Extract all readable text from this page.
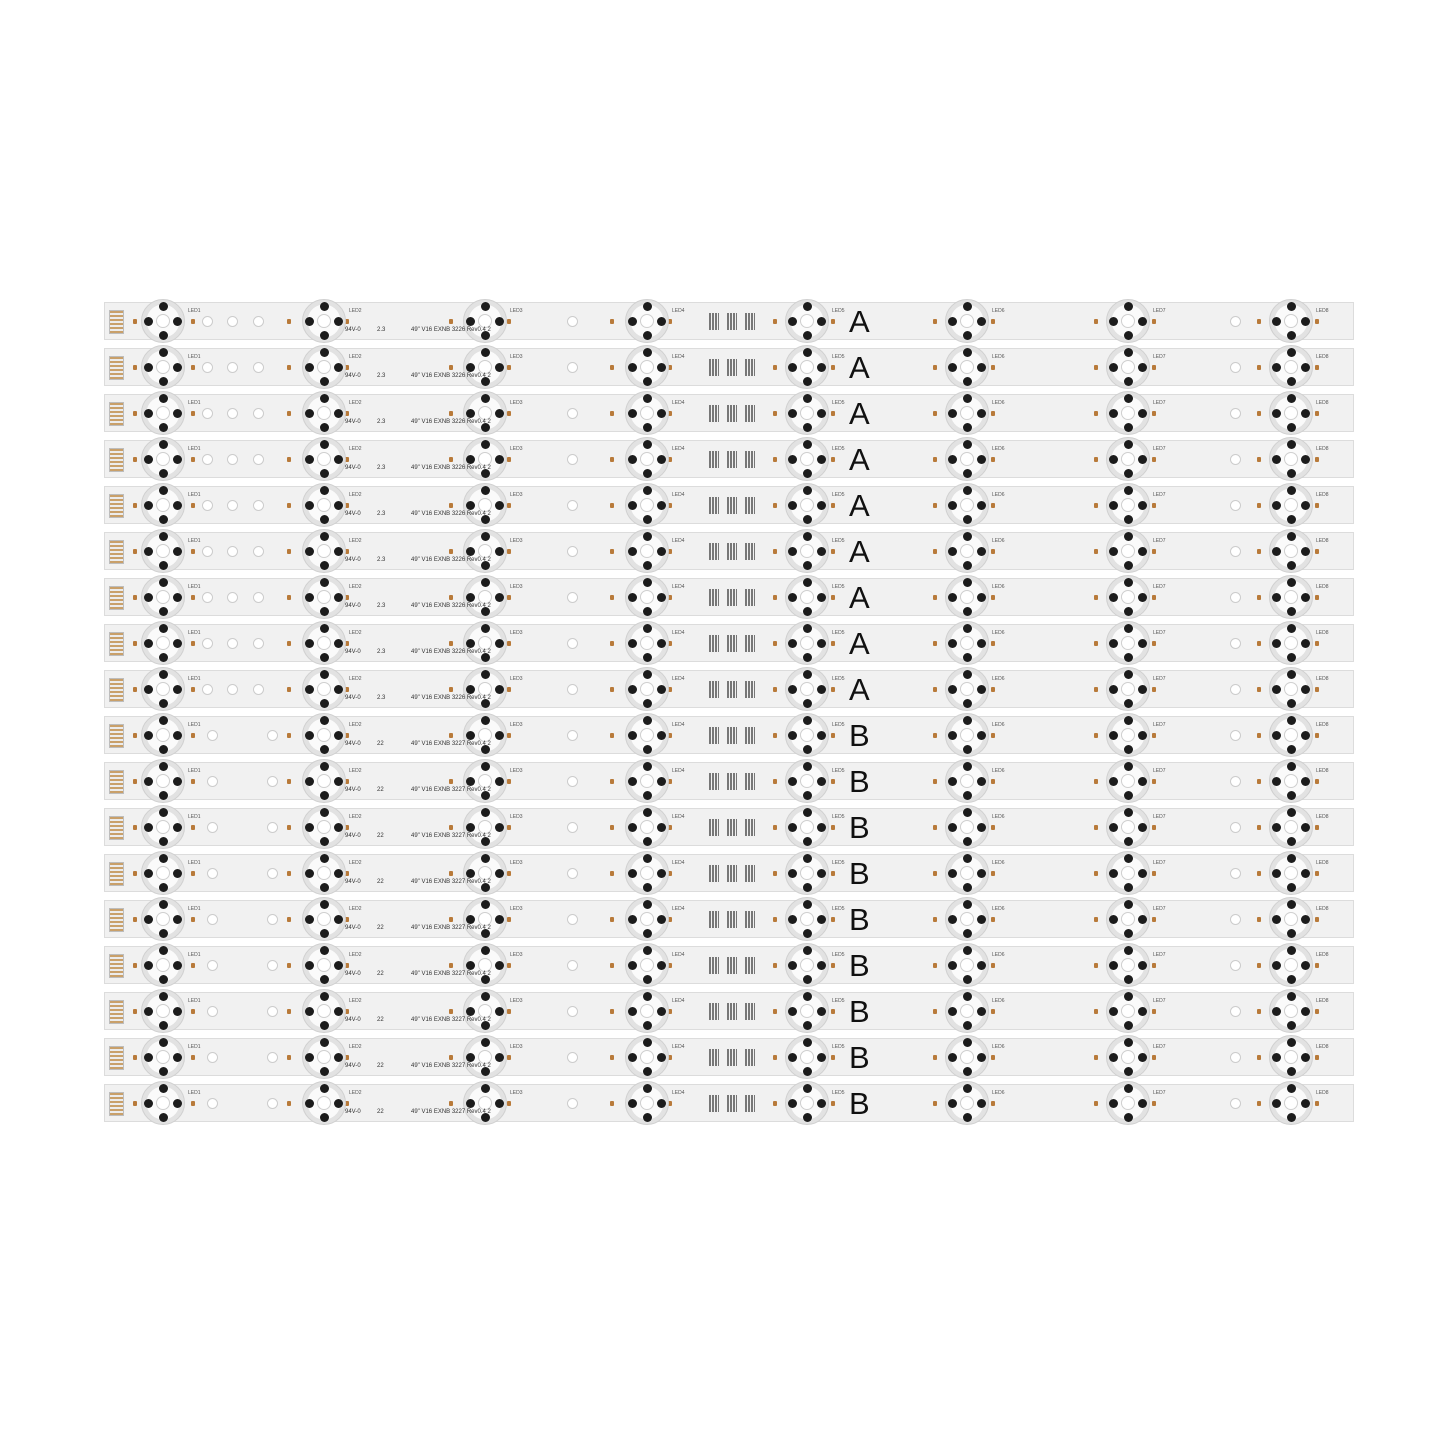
LED1	LED2	LED3	LED4	LED5	LED6	LED7	LED8
94V-0	2.3	49" V16 EXNB 3226 Rev0.4 2	A
LED1	LED2	LED3	LED4	LED5	LED6	LED7	LED8
94V-0	2.3	49" V16 EXNB 3226 Rev0.4 2	A
LED1	LED2	LED3	LED4	LED5	LED6	LED7	LED8
94V-0	2.3	49" V16 EXNB 3226 Rev0.4 2	A
LED1	LED2	LED3	LED4	LED5	LED6	LED7	LED8
94V-0	2.3	49" V16 EXNB 3226 Rev0.4 2	A
LED1	LED2	LED3	LED4	LED5	LED6	LED7	LED8
94V-0	2.3	49" V16 EXNB 3226 Rev0.4 2	A
LED1	LED2	LED3	LED4	LED5	LED6	LED7	LED8
94V-0	2.3	49" V16 EXNB 3226 Rev0.4 2	A
LED1	LED2	LED3	LED4	LED5	LED6	LED7	LED8
94V-0	2.3	49" V16 EXNB 3226 Rev0.4 2	A
LED1	LED2	LED3	LED4	LED5	LED6	LED7	LED8
94V-0	2.3	49" V16 EXNB 3226 Rev0.4 2	A
LED1	LED2	LED3	LED4	LED5	LED6	LED7	LED8
94V-0	2.3	49" V16 EXNB 3226 Rev0.4 2	A
LED1	LED2	LED3	LED4	LED5	LED6	LED7	LED8
94V-0	22	49" V16 EXNB 3227 Rev0.4 2	B
LED1	LED2	LED3	LED4	LED5	LED6	LED7	LED8
94V-0	22	49" V16 EXNB 3227 Rev0.4 2	B
LED1	LED2	LED3	LED4	LED5	LED6	LED7	LED8
94V-0	22	49" V16 EXNB 3227 Rev0.4 2	B
LED1	LED2	LED3	LED4	LED5	LED6	LED7	LED8
94V-0	22	49" V16 EXNB 3227 Rev0.4 2	B
LED1	LED2	LED3	LED4	LED5	LED6	LED7	LED8
94V-0	22	49" V16 EXNB 3227 Rev0.4 2	B
LED1	LED2	LED3	LED4	LED5	LED6	LED7	LED8
94V-0	22	49" V16 EXNB 3227 Rev0.4 2	B
LED1	LED2	LED3	LED4	LED5	LED6	LED7	LED8
94V-0	22	49" V16 EXNB 3227 Rev0.4 2	B
LED1	LED2	LED3	LED4	LED5	LED6	LED7	LED8
94V-0	22	49" V16 EXNB 3227 Rev0.4 2	B
LED1	LED2	LED3	LED4	LED5	LED6	LED7	LED8
94V-0	22	49" V16 EXNB 3227 Rev0.4 2	B
